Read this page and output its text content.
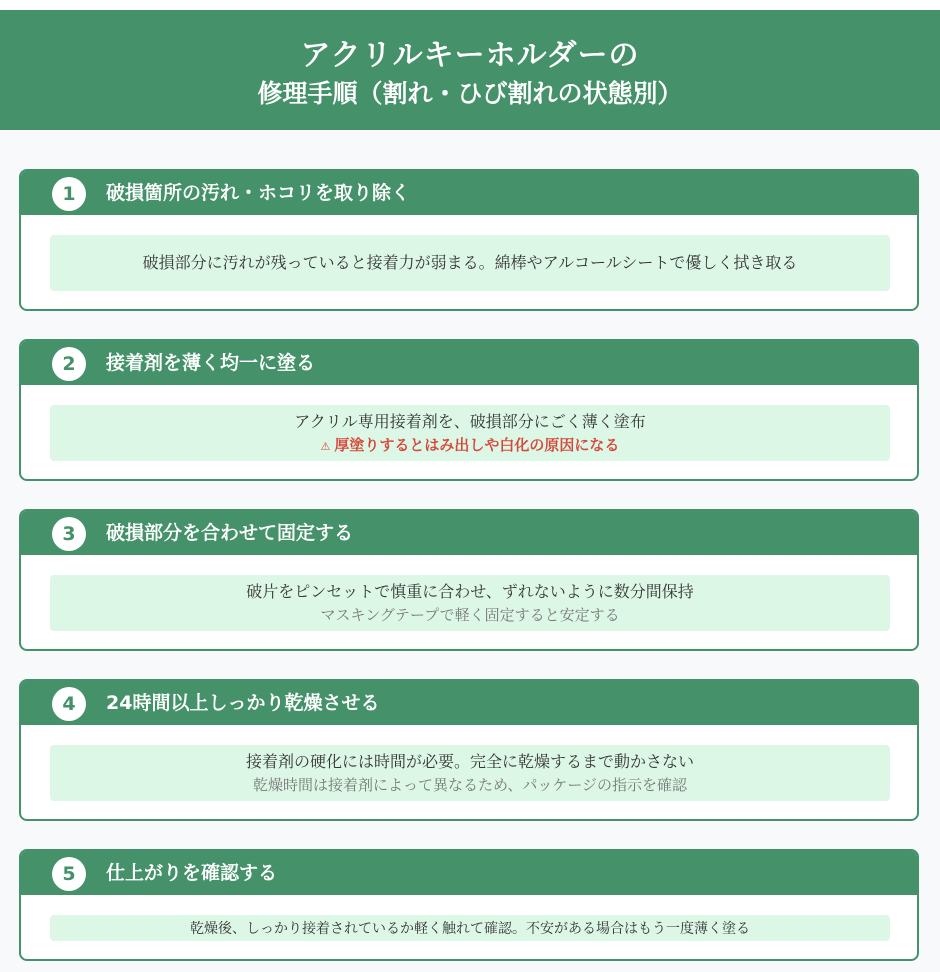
アクリルキーホルダーの
修理手順（割れ・ひび割れの状態別）
1	破損箇所の汚れ・ホコリを取り除く
破損部分に汚れが残っていると接着力が弱まる。綿棒やアルコールシートで優しく拭き取る
2	接着剤を薄く均一に塗る
アクリル専用接着剤を、破損部分にごく薄く塗布
⚠ 厚塗りするとはみ出しや白化の原因になる
3	破損部分を合わせて固定する
破片をピンセットで慎重に合わせ、ずれないように数分間保持
マスキングテープで軽く固定すると安定する
4	24時間以上しっかり乾燥させる
接着剤の硬化には時間が必要。完全に乾燥するまで動かさない
乾燥時間は接着剤によって異なるため、パッケージの指示を確認
5	仕上がりを確認する
乾燥後、しっかり接着されているか軽く触れて確認。不安がある場合はもう一度薄く塗る
